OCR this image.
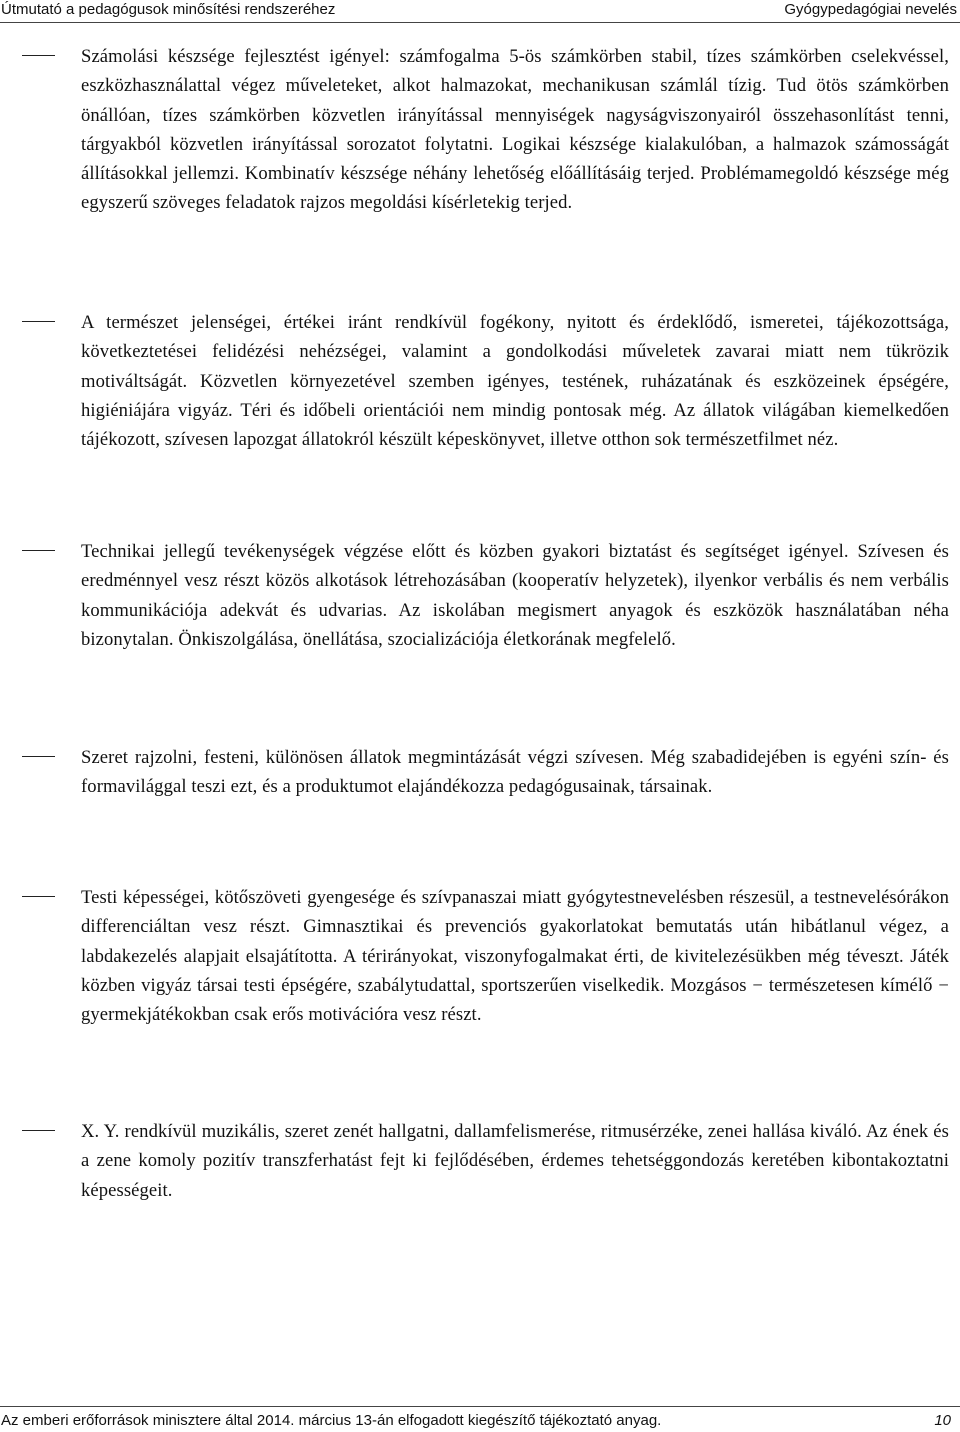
Útmutató a pedagógusok minősítési rendszeréhez	Gyógypedagógiai nevelés
Számolási készsége fejlesztést igényel: számfogalma 5-ös számkörben stabil, tízes számkörben cselekvéssel, eszközhasználattal végez műveleteket, alkot halmazokat, mechanikusan számlál tízig. Tud ötös számkörben önállóan, tízes számkörben közvetlen irányítással mennyiségek nagyságviszonyairól összehasonlítást tenni, tárgyakból közvetlen irányítással sorozatot folytatni. Logikai készsége kialakulóban, a halmazok számosságát állításokkal jellemzi. Kombinatív készsége néhány lehetőség előállításáig terjed. Problémamegoldó készsége még egyszerű szöveges feladatok rajzos megoldási kísérletekig terjed.
A természet jelenségei, értékei iránt rendkívül fogékony, nyitott és érdeklődő, ismeretei, tájékozottsága, következtetései felidézési nehézségei, valamint a gondolkodási műveletek zavarai miatt nem tükrözik motiváltságát. Közvetlen környezetével szemben igényes, testének, ruházatának és eszközeinek épségére, higiéniájára vigyáz. Téri és időbeli orientációi nem mindig pontosak még. Az állatok világában kiemelkedően tájékozott, szívesen lapozgat állatokról készült képeskönyvet, illetve otthon sok természetfilmet néz.
Technikai jellegű tevékenységek végzése előtt és közben gyakori biztatást és segítséget igényel. Szívesen és eredménnyel vesz részt közös alkotások létrehozásában (kooperatív helyzetek), ilyenkor verbális és nem verbális kommunikációja adekvát és udvarias. Az iskolában megismert anyagok és eszközök használatában néha bizonytalan. Önkiszolgálása, önellátása, szocializációja életkorának megfelelő.
Szeret rajzolni, festeni, különösen állatok megmintázását végzi szívesen. Még szabadidejében is egyéni szín- és formavilággal teszi ezt, és a produktumot elajándékozza pedagógusainak, társainak.
Testi képességei, kötőszöveti gyengesége és szívpanaszai miatt gyógytestnevelésben részesül, a testnevelésórákon differenciáltan vesz részt. Gimnasztikai és prevenciós gyakorlatokat bemutatás után hibátlanul végez, a labdakezelés alapjait elsajátította. A térirányokat, viszonyfogalmakat érti, de kivitelezésükben még téveszt. Játék közben vigyáz társai testi épségére, szabálytudattal, sportszerűen viselkedik. Mozgásos − természetesen kímélő − gyermekjátékokban csak erős motivációra vesz részt.
X. Y. rendkívül muzikális, szeret zenét hallgatni, dallamfelismerése, ritmusérzéke, zenei hallása kiváló. Az ének és a zene komoly pozitív transzferhatást fejt ki fejlődésében, érdemes tehetséggondozás keretében kibontakoztatni képességeit.
Az emberi erőforrások minisztere által 2014. március 13-án elfogadott kiegészítő tájékoztató anyag.	10
